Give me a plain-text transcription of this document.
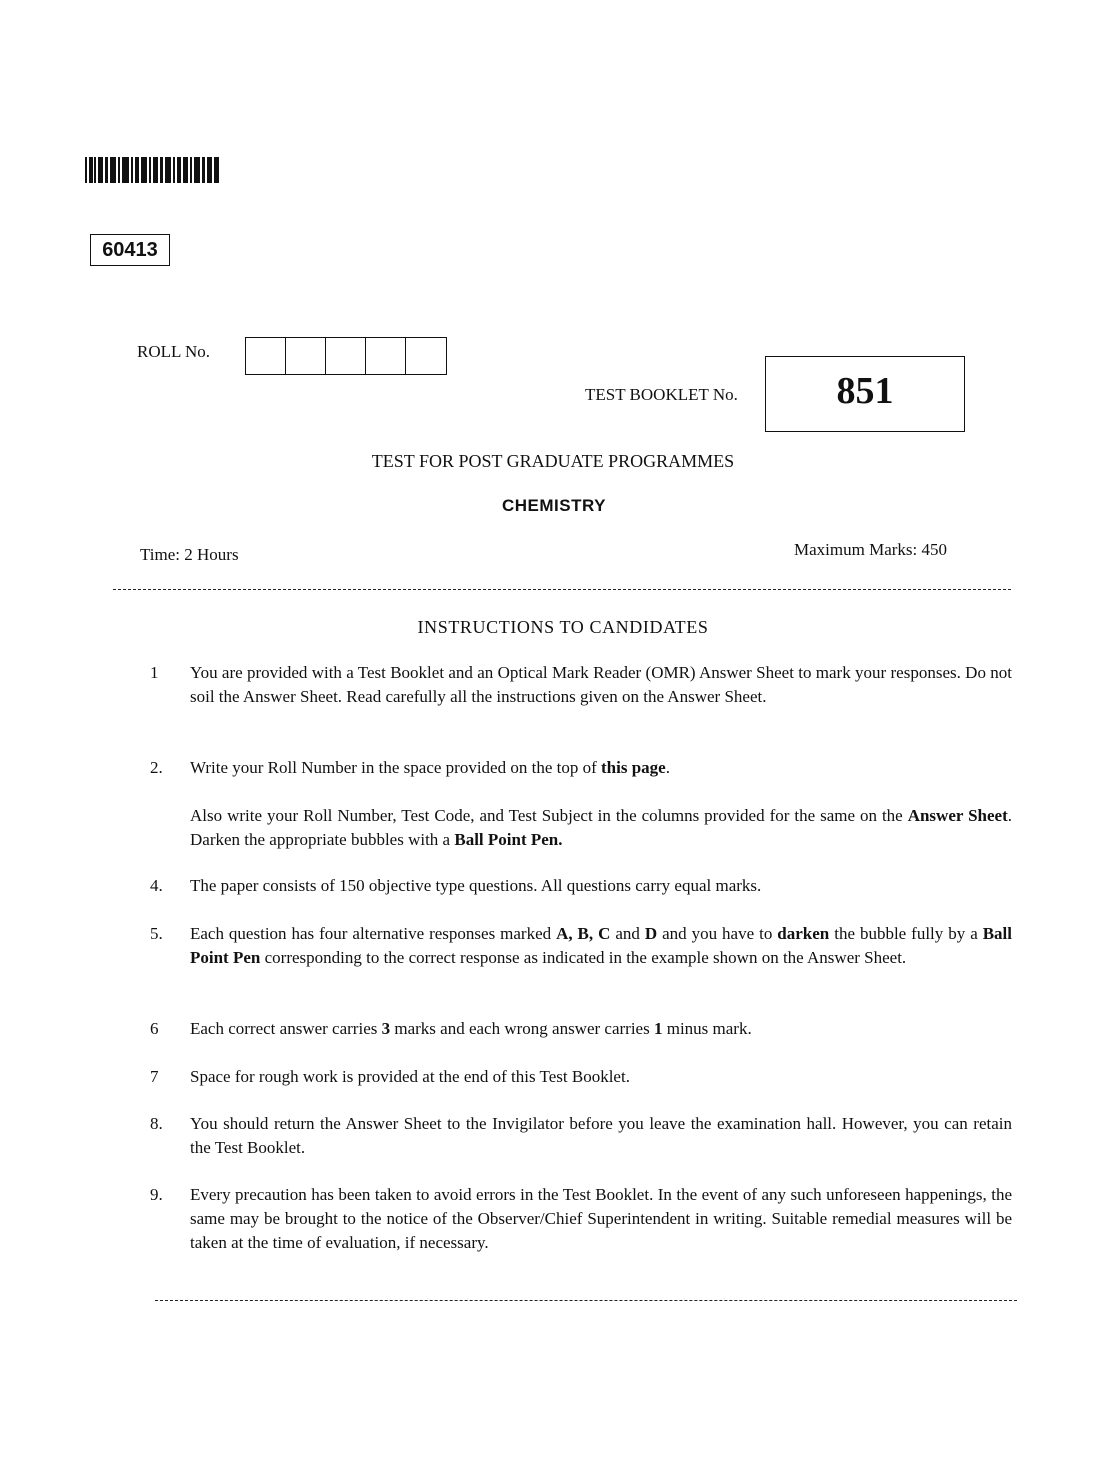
60413
ROLL No.
TEST BOOKLET No.	851
TEST FOR POST GRADUATE PROGRAMMES
CHEMISTRY
Time: 2 Hours	Maximum Marks: 450
INSTRUCTIONS TO CANDIDATES
1	You are provided with a Test Booklet and an Optical Mark Reader (OMR) Answer Sheet to mark your responses. Do not soil the Answer Sheet. Read carefully all the instructions given on the Answer Sheet.
2.	Write your Roll Number in the space provided on the top of this page.
Also write your Roll Number, Test Code, and Test Subject in the columns provided for the same on the Answer Sheet. Darken the appropriate bubbles with a Ball Point Pen.
4.	The paper consists of 150 objective type questions. All questions carry equal marks.
5.	Each question has four alternative responses marked A, B, C and D and you have to darken the bubble fully by a Ball Point Pen corresponding to the correct response as indicated in the example shown on the Answer Sheet.
6	Each correct answer carries 3 marks and each wrong answer carries 1 minus mark.
7	Space for rough work is provided at the end of this Test Booklet.
8.	You should return the Answer Sheet to the Invigilator before you leave the examination hall. However, you can retain the Test Booklet.
9.	Every precaution has been taken to avoid errors in the Test Booklet. In the event of any such unforeseen happenings, the same may be brought to the notice of the Observer/Chief Superintendent in writing. Suitable remedial measures will be taken at the time of evaluation, if necessary.
